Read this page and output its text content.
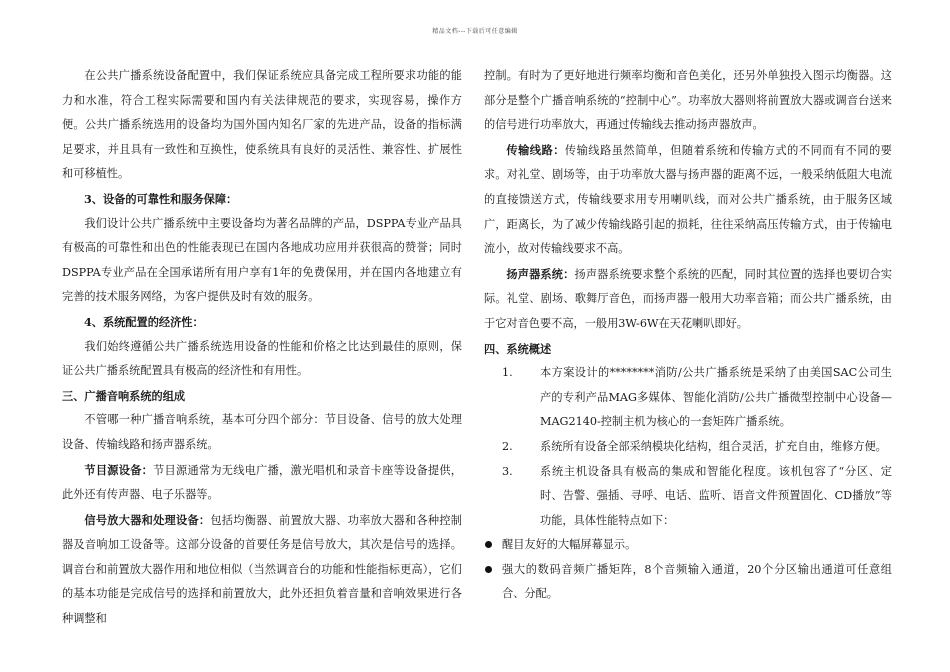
精品文档---下载后可任意编辑

在公共广播系统设备配置中，我们保证系统应具备完成工程所要求功能的能力和水准，符合工程实际需要和国内有关法律规范的要求，实现容易，操作方便。公共广播系统选用的设备均为国外国内知名厂家的先进产品，设备的指标满足要求，并且具有一致性和互换性，使系统具有良好的灵活性、兼容性、扩展性和可移植性。

3、设备的可靠性和服务保障：

我们设计公共广播系统中主要设备均为著名品牌的产品，DSPPA专业产品具有极高的可靠性和出色的性能表现已在国内各地成功应用并获很高的赞誉；同时DSPPA专业产品在全国承诺所有用户享有1年的免费保用，并在国内各地建立有完善的技术服务网络，为客户提供及时有效的服务。

4、系统配置的经济性：

我们始终遵循公共广播系统选用设备的性能和价格之比达到最佳的原则，保证公共广播系统配置具有极高的经济性和有用性。

三、广播音响系统的组成

不管哪一种广播音响系统，基本可分四个部分：节目设备、信号的放大处理设备、传输线路和扬声器系统。

节目源设备：节目源通常为无线电广播，激光唱机和录音卡座等设备提供，此外还有传声器、电子乐器等。

信号放大器和处理设备：包括均衡器、前置放大器、功率放大器和各种控制器及音响加工设备等。这部分设备的首要任务是信号放大，其次是信号的选择。调音台和前置放大器作用和地位相似（当然调音台的功能和性能指标更高），它们的基本功能是完成信号的选择和前置放大，此外还担负着音量和音响效果进行各种调整和

控制。有时为了更好地进行频率均衡和音色美化，还另外单独投入图示均衡器。这部分是整个广播音响系统的“控制中心”。功率放大器则将前置放大器或调音台送来的信号进行功率放大，再通过传输线去推动扬声器放声。

传输线路：传输线路虽然简单，但随着系统和传输方式的不同而有不同的要求。对礼堂、剧场等，由于功率放大器与扬声器的距离不远，一般采纳低阻大电流的直接馈送方式，传输线要求用专用喇叭线，而对公共广播系统，由于服务区域广，距离长，为了减少传输线路引起的损耗，往往采纳高压传输方式，由于传输电流小，故对传输线要求不高。

扬声器系统：扬声器系统要求整个系统的匹配，同时其位置的选择也要切合实际。礼堂、剧场、歌舞厅音色，而扬声器一般用大功率音箱；而公共广播系统，由于它对音色要不高，一般用3W-6W在天花喇叭即好。

四、系统概述

1. 本方案设计的********消防/公共广播系统是采纳了由美国SAC公司生产的专利产品MAG多媒体、智能化消防/公共广播微型控制中心设备—MAG2140-控制主机为核心的一套矩阵广播系统。

2. 系统所有设备全部采纳模块化结构，组合灵活，扩充自由，维修方便。

3. 系统主机设备具有极高的集成和智能化程度。该机包容了“分区、定时、告警、强插、寻呼、电话、监听、语音文件预置固化、CD播放”等功能，具体性能特点如下：

醒目友好的大幅屏幕显示。

强大的数码音频广播矩阵，8个音频输入通道，20个分区输出通道可任意组合、分配。
